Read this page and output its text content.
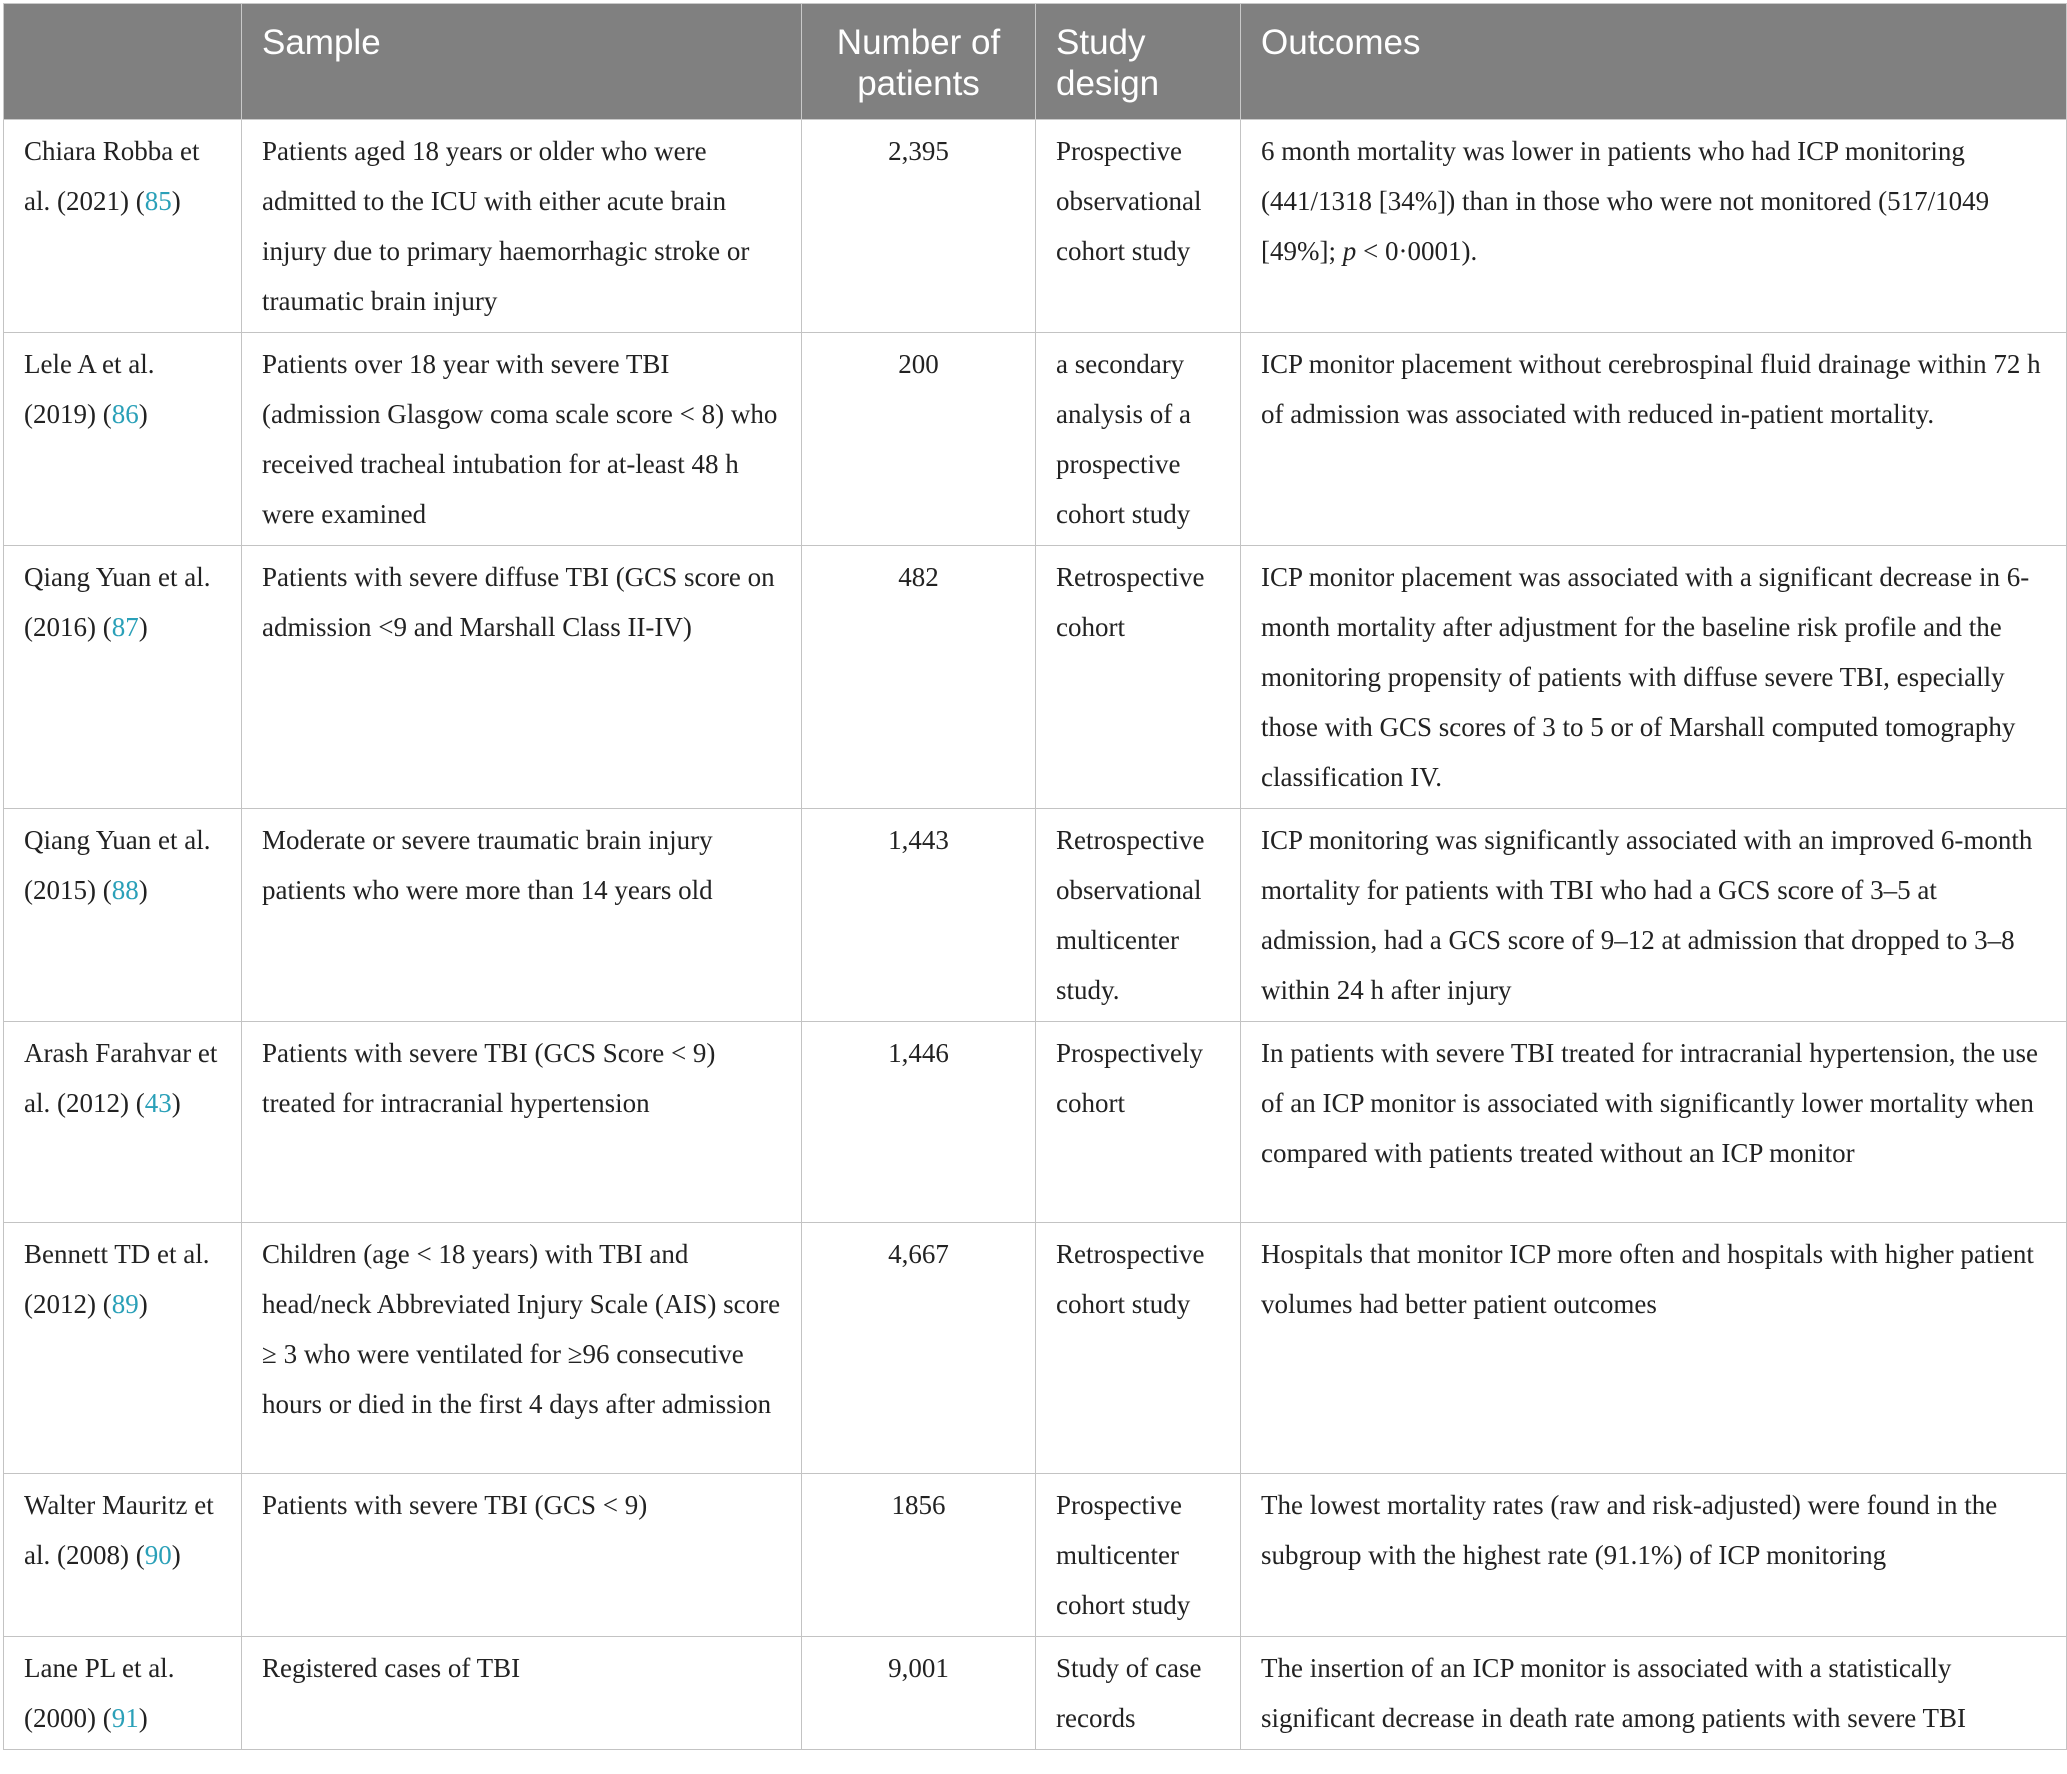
	Sample	Number of patients	Study design	Outcomes
Chiara Robba et al. (2021) (85)	Patients aged 18 years or older who were admitted to the ICU with either acute brain injury due to primary haemorrhagic stroke or traumatic brain injury	2,395	Prospective observational cohort study	6 month mortality was lower in patients who had ICP monitoring (441/1318 [34%]) than in those who were not monitored (517/1049 [49%]; p < 0·0001).
Lele A et al. (2019) (86)	Patients over 18 year with severe TBI (admission Glasgow coma scale score < 8) who received tracheal intubation for at-least 48 h were examined	200	a secondary analysis of a prospective cohort study	ICP monitor placement without cerebrospinal fluid drainage within 72 h of admission was associated with reduced in-patient mortality.
Qiang Yuan et al. (2016) (87)	Patients with severe diffuse TBI (GCS score on admission <9 and Marshall Class II-IV)	482	Retrospective cohort	ICP monitor placement was associated with a significant decrease in 6-month mortality after adjustment for the baseline risk profile and the monitoring propensity of patients with diffuse severe TBI, especially those with GCS scores of 3 to 5 or of Marshall computed tomography classification IV.
Qiang Yuan et al. (2015) (88)	Moderate or severe traumatic brain injury patients who were more than 14 years old	1,443	Retrospective observational multicenter study.	ICP monitoring was significantly associated with an improved 6-month mortality for patients with TBI who had a GCS score of 3–5 at admission, had a GCS score of 9–12 at admission that dropped to 3–8 within 24 h after injury
Arash Farahvar et al. (2012) (43)	Patients with severe TBI (GCS Score < 9) treated for intracranial hypertension	1,446	Prospectively cohort	In patients with severe TBI treated for intracranial hypertension, the use of an ICP monitor is associated with significantly lower mortality when compared with patients treated without an ICP monitor
Bennett TD et al. (2012) (89)	Children (age < 18 years) with TBI and head/neck Abbreviated Injury Scale (AIS) score ≥ 3 who were ventilated for ≥96 consecutive hours or died in the first 4 days after admission	4,667	Retrospective cohort study	Hospitals that monitor ICP more often and hospitals with higher patient volumes had better patient outcomes
Walter Mauritz et al. (2008) (90)	Patients with severe TBI (GCS < 9)	1856	Prospective multicenter cohort study	The lowest mortality rates (raw and risk-adjusted) were found in the subgroup with the highest rate (91.1%) of ICP monitoring
Lane PL et al. (2000) (91)	Registered cases of TBI	9,001	Study of case records	The insertion of an ICP monitor is associated with a statistically significant decrease in death rate among patients with severe TBI
